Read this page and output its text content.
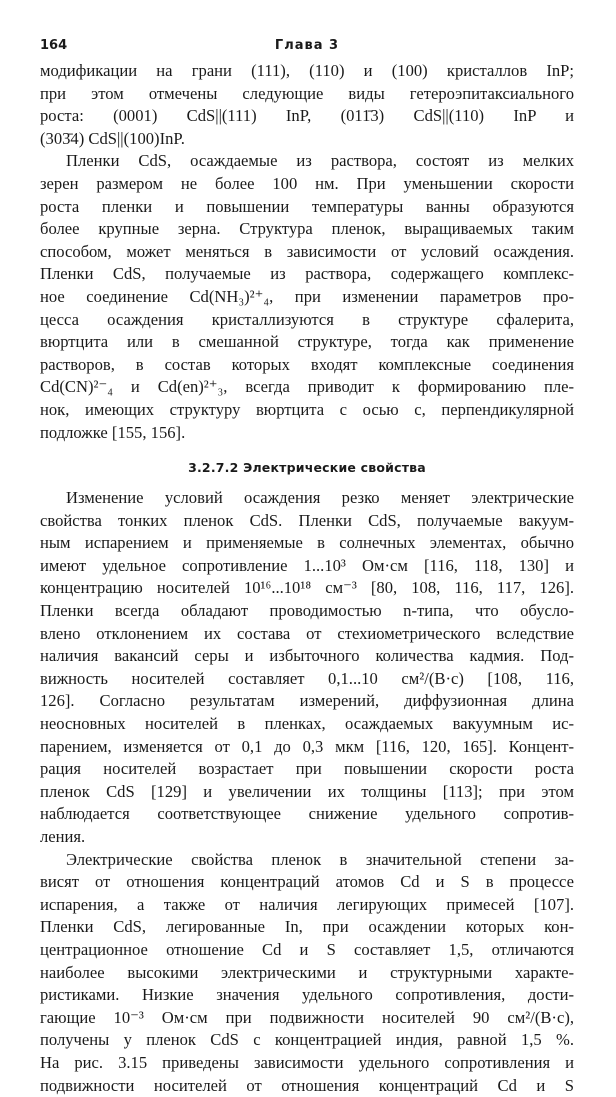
164	Глава 3

модификации на грани (111), (110) и (100) кристаллов InP;
при этом отмечены следующие виды гетероэпитаксиального
роста: (0001) CdS||(111) InP, (011̄3) CdS||(110) InP и
(303̄4) CdS||(100)InP.

Пленки CdS, осаждаемые из раствора, состоят из мелких
зерен размером не более 100 нм. При уменьшении скорости
роста пленки и повышении температуры ванны образуются
более крупные зерна. Структура пленок, выращиваемых таким
способом, может меняться в зависимости от условий осаждения.
Пленки CdS, получаемые из раствора, содержащего комплекс-
ное соединение Cd(NH₃)²⁺₄, при изменении параметров про-
цесса осаждения кристаллизуются в структуре сфалерита,
вюртцита или в смешанной структуре, тогда как применение
растворов, в состав которых входят комплексные соединения
Cd(CN)²⁻₄ и Cd(en)²⁺₃, всегда приводит к формированию пле-
нок, имеющих структуру вюртцита с осью c, перпендикулярной
подложке [155, 156].

3.2.7.2 Электрические свойства

Изменение условий осаждения резко меняет электрические
свойства тонких пленок CdS. Пленки CdS, получаемые вакуум-
ным испарением и применяемые в солнечных элементах, обычно
имеют удельное сопротивление 1...10³ Ом·см [116, 118, 130] и
концентрацию носителей 10¹⁶...10¹⁸ см⁻³ [80, 108, 116, 117, 126].
Пленки всегда обладают проводимостью n-типа, что обусло-
влено отклонением их состава от стехиометрического вследствие
наличия вакансий серы и избыточного количества кадмия. Под-
вижность носителей составляет 0,1...10 см²/(В·с) [108, 116,
126]. Согласно результатам измерений, диффузионная длина
неосновных носителей в пленках, осаждаемых вакуумным ис-
парением, изменяется от 0,1 до 0,3 мкм [116, 120, 165]. Концент-
рация носителей возрастает при повышении скорости роста
пленок CdS [129] и увеличении их толщины [113]; при этом
наблюдается соответствующее снижение удельного сопротив-
ления.

Электрические свойства пленок в значительной степени за-
висят от отношения концентраций атомов Cd и S в процессе
испарения, а также от наличия легирующих примесей [107].
Пленки CdS, легированные In, при осаждении которых кон-
центрационное отношение Cd и S составляет 1,5, отличаются
наиболее высокими электрическими и структурными характе-
ристиками. Низкие значения удельного сопротивления, дости-
гающие 10⁻³ Ом·см при подвижности носителей 90 см²/(В·с),
получены у пленок CdS с концентрацией индия, равной 1,5 %.
На рис. 3.15 приведены зависимости удельного сопротивления и
подвижности носителей от отношения концентраций Cd и S
